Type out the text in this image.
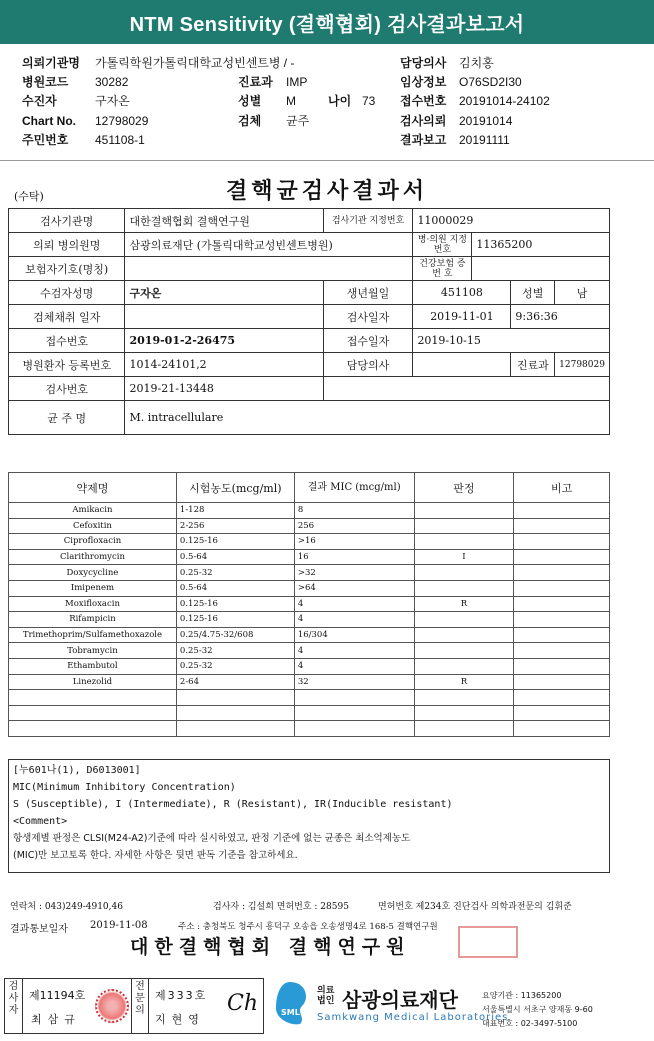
NTM Sensitivity (결핵협회) 검사결과보고서
의뢰기관명 가톨릭학원가톨릭대학교성빈센트병 / -	담당의사 김치홍
병원코드 30282	진료과 IMP	임상정보 O76SD2I30
수진자	구자온	성별 M	나이 73 접수번호 20191014-24102
Chart No. 12798029	검체 균주	검사의뢰 20191014
주민번호 451108-1	결과보고 20191111
(수탁)	결핵균검사결과서
검사기관명	대한결핵협회 결핵연구원	검사기관 지정번호	11000029			
의뢰 병의원명	삼광의료재단 (가톨릭대학교성빈센트병원)		병·의원 지정번호	11365200		
보험자기호(명칭)			건강보험 증 번 호			
수검자성명	구자온	생년월일	451108		성별	남
검체채취 일자		검사일자	2019-11-01		9:36:36	
접수번호	2019-01-2-26475	접수일자	2019-10-15			
병원환자 등록번호	1014-24101,2	담당의사			진료과	12798029
검사번호	2019-21-13448					
균 주 명	M. intracellulare					
약제명	시험농도(mcg/ml)	결과 MIC (mcg/ml)	판정	비고
Amikacin	1-128	8		
Cefoxitin	2-256	256		
Ciprofloxacin	0.125-16	>16		
Clarithromycin	0.5-64	16	I	
Doxycycline	0.25-32	>32		
Imipenem	0.5-64	>64		
Moxifloxacin	0.125-16	4	R	
Rifampicin	0.125-16	4		
Trimethoprim/Sulfamethoxazole	0.25/4.75-32/608	16/304		
Tobramycin	0.25-32	4		
Ethambutol	0.25-32	4		
Linezolid	2-64	32	R	

[누601나(1), D6013001]
MIC(Minimum Inhibitory Concentration)
S (Susceptible), I (Intermediate), R (Resistant), IR(Inducible resistant)
<Comment>
항생제별 판정은 CLSI(M24-A2)기준에 따라 실시하였고, 판정 기준에 없는 균종은 최소억제농도
(MIC)만 보고토록 한다. 자세한 사항은 뒷면 판독 기준을 참고하세요.
연락처 : 043)249-4910,46	검사자 : 김설희 면허번호 : 28595	면허번호 제234호 진단검사 의학과전문의 김휘준
결과통보일자 2019-11-08	주소 : 충청북도 청주시 흥덕구 오송읍 오송생명4로 168-5 결핵연구원
대한결핵협회 결핵연구원
검사자
제11194호
최삼규
전문의
제333호
지현영
Ch	SML
의료법인 삼광의료재단
Samkwang Medical Laboratories
요양기관 : 11365200
서울특별시 서초구 양재동 9-60
대표번호 : 02-3497-5100
